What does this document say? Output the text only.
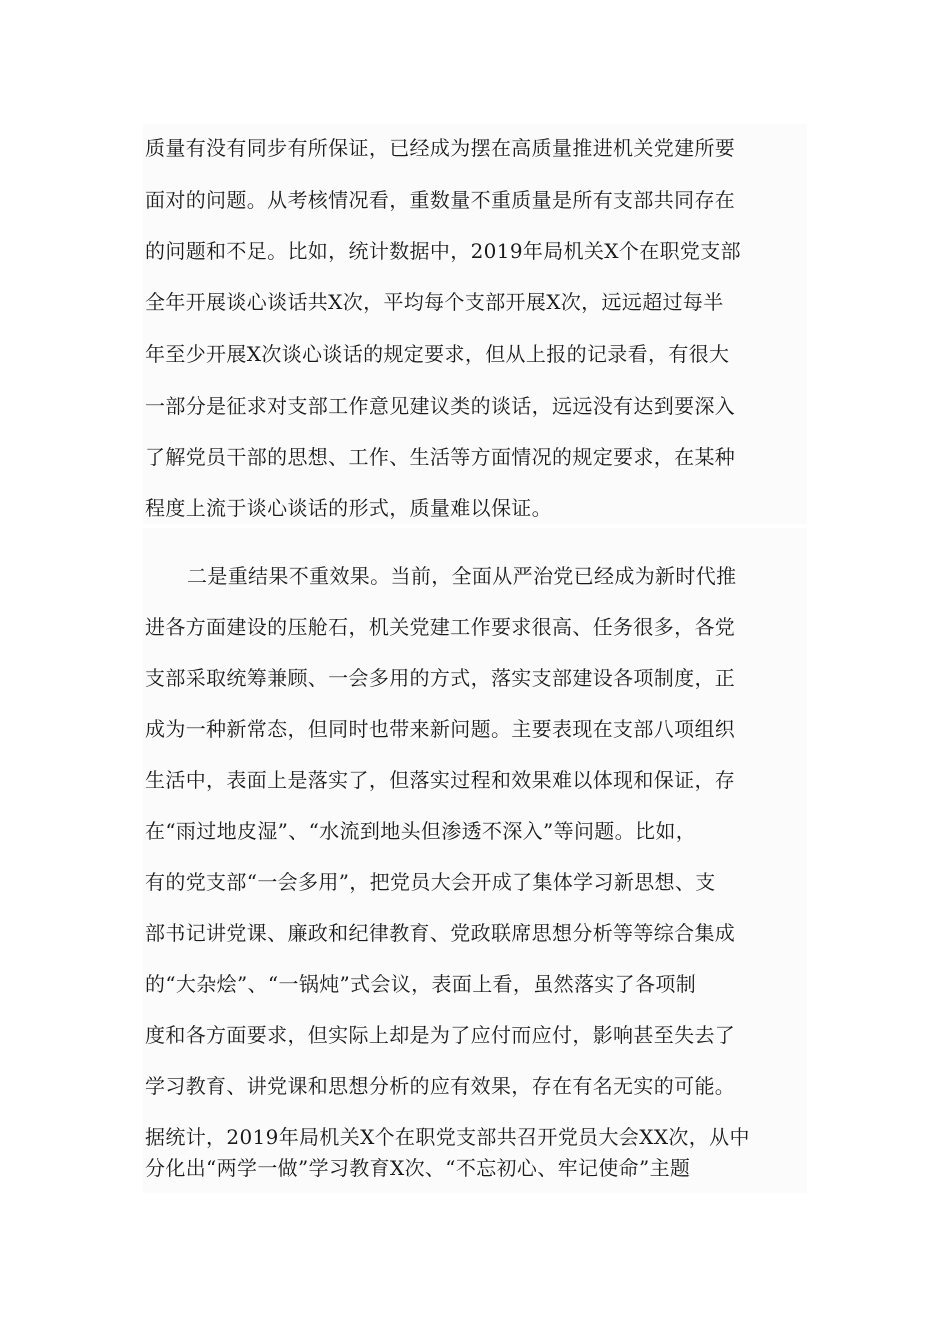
质量有没有同步有所保证，已经成为摆在高质量推进机关党建所要
面对的问题。从考核情况看，重数量不重质量是所有支部共同存在
的问题和不足。比如，统计数据中，2019年局机关X个在职党支部
全年开展谈心谈话共X次，平均每个支部开展X次，远远超过每半
年至少开展X次谈心谈话的规定要求，但从上报的记录看，有很大
一部分是征求对支部工作意见建议类的谈话，远远没有达到要深入
了解党员干部的思想、工作、生活等方面情况的规定要求，在某种
程度上流于谈心谈话的形式，质量难以保证。
二是重结果不重效果。当前，全面从严治党已经成为新时代推
进各方面建设的压舱石，机关党建工作要求很高、任务很多，各党
支部采取统筹兼顾、一会多用的方式，落实支部建设各项制度，正
成为一种新常态，但同时也带来新问题。主要表现在支部八项组织
生活中，表面上是落实了，但落实过程和效果难以体现和保证，存
在“雨过地皮湿”、“水流到地头但渗透不深入”等问题。比如，
有的党支部“一会多用”，把党员大会开成了集体学习新思想、支
部书记讲党课、廉政和纪律教育、党政联席思想分析等等综合集成
的“大杂烩”、“一锅炖”式会议，表面上看，虽然落实了各项制
度和各方面要求，但实际上却是为了应付而应付，影响甚至失去了
学习教育、讲党课和思想分析的应有效果，存在有名无实的可能。
据统计，2019年局机关X个在职党支部共召开党员大会XX次，从中
分化出“两学一做”学习教育X次、“不忘初心、牢记使命”主题
